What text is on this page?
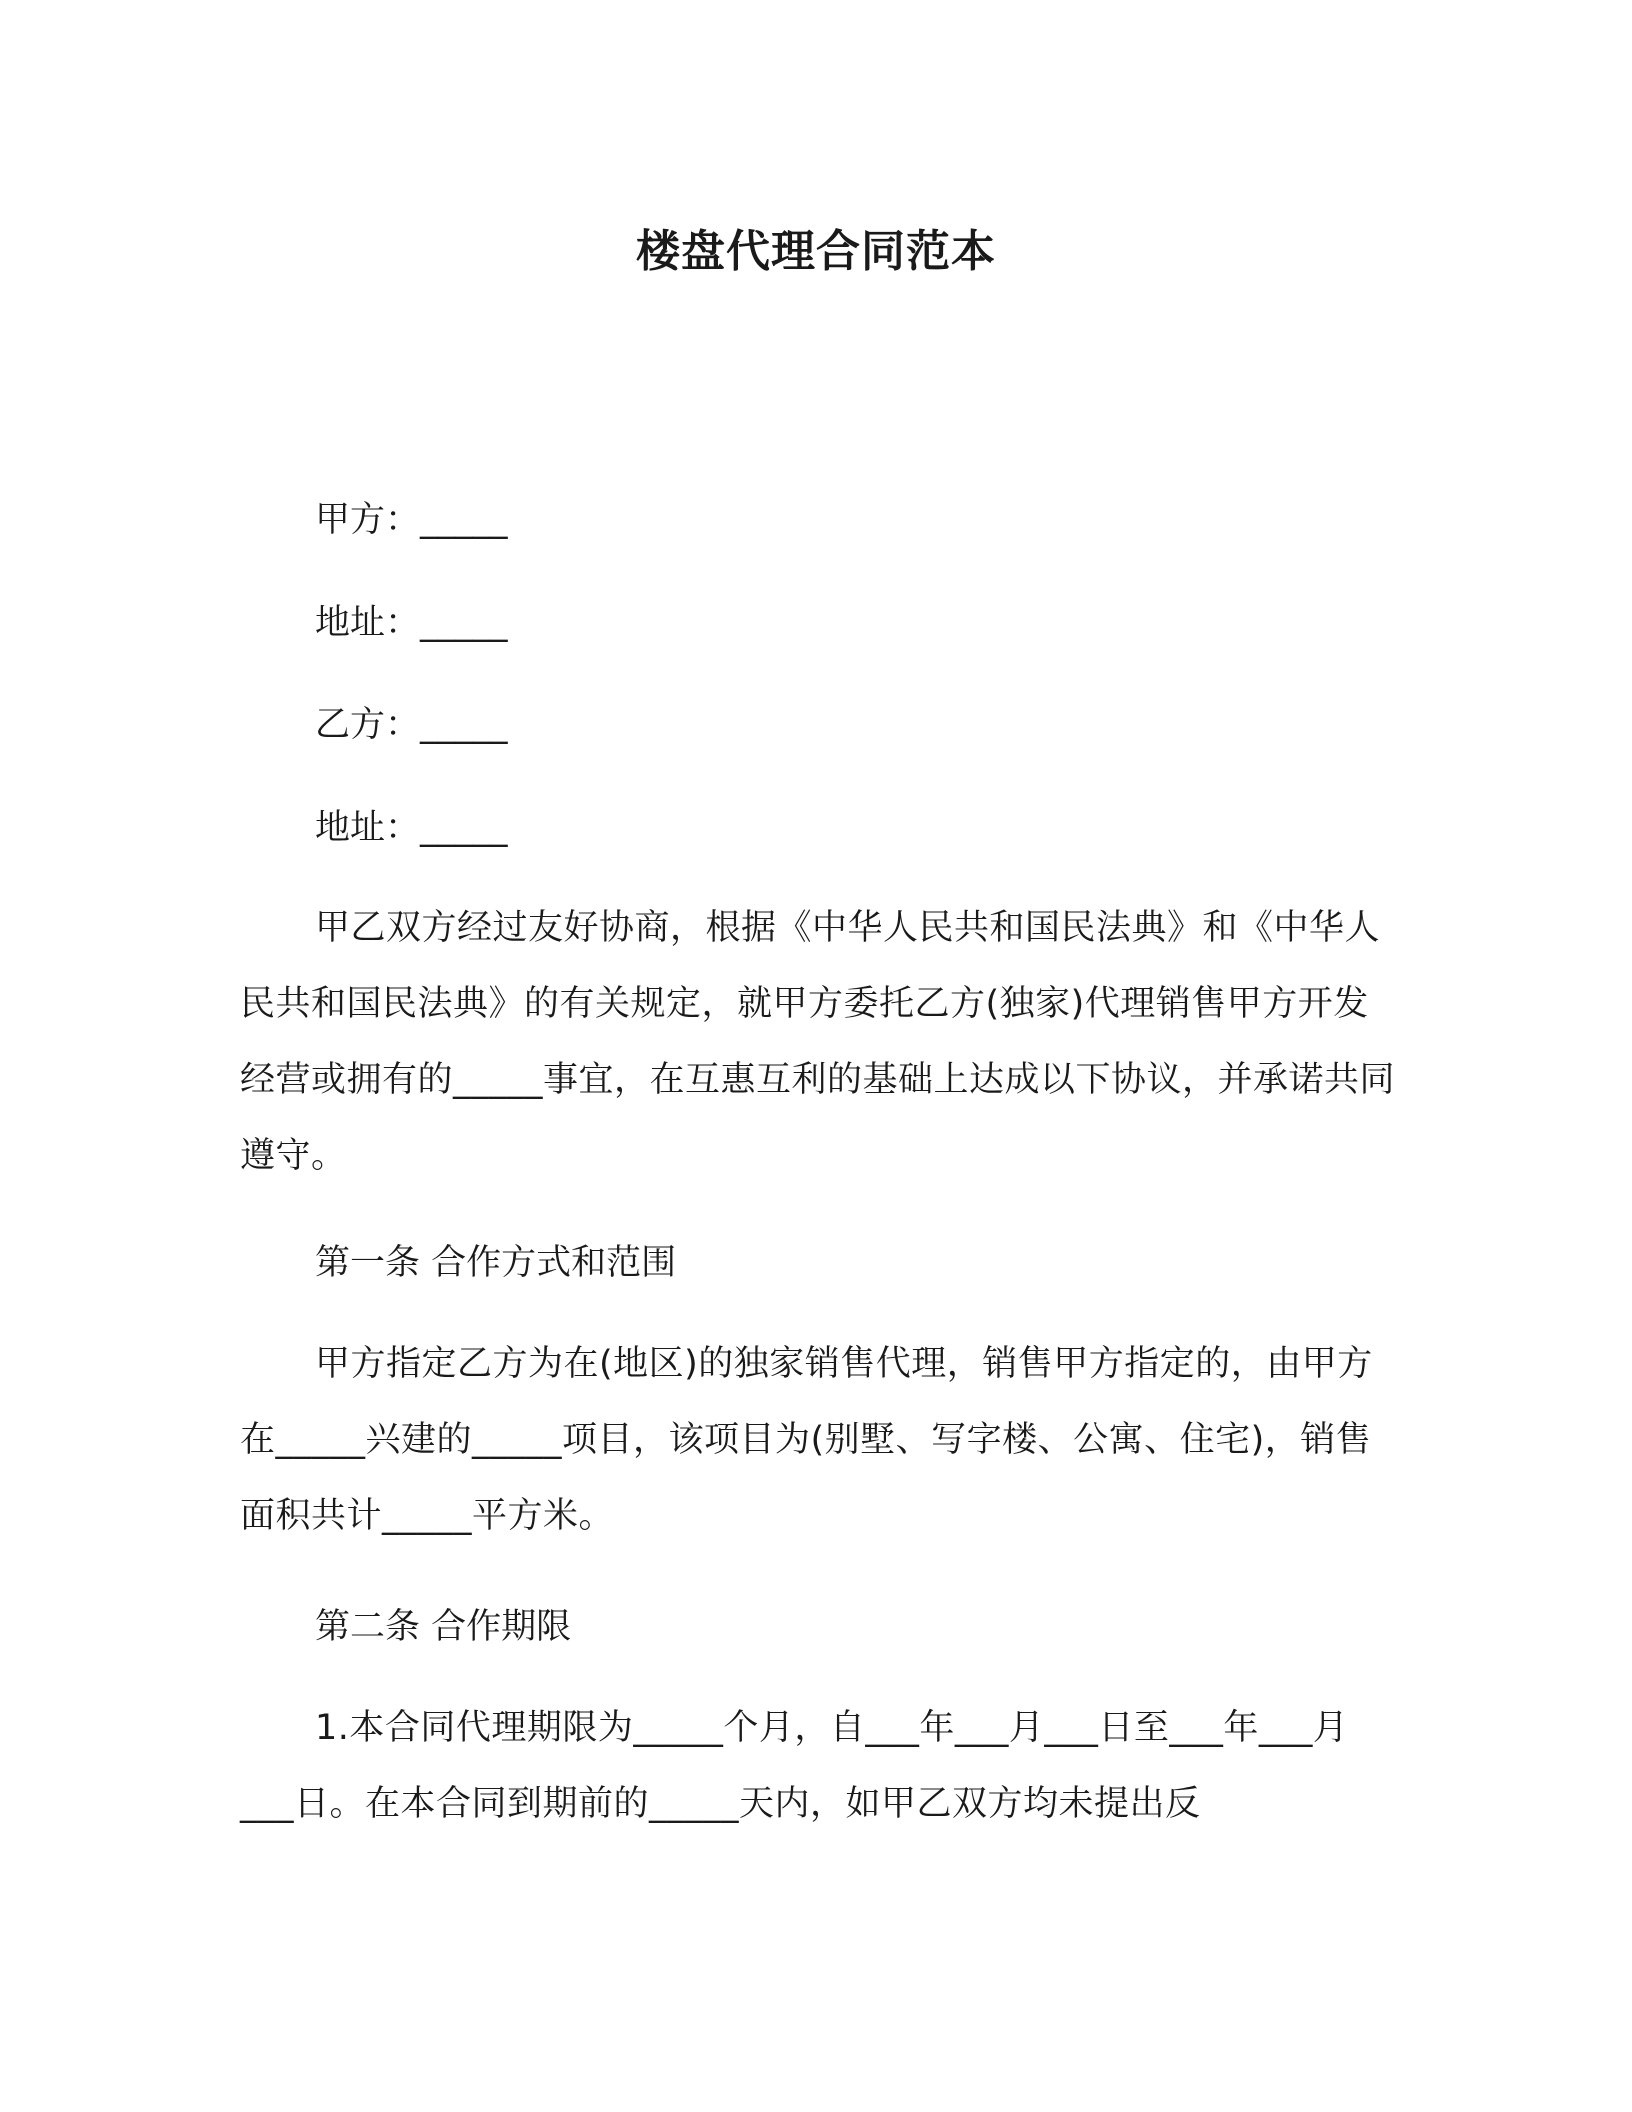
楼盘代理合同范本
甲方：_____
地址：_____
乙方：_____
地址：_____
甲乙双方经过友好协商，根据《中华人民共和国民法典》和《中华人民共和国民法典》的有关规定，就甲方委托乙方(独家)代理销售甲方开发经营或拥有的_____事宜，在互惠互利的基础上达成以下协议，并承诺共同遵守。
第一条 合作方式和范围
甲方指定乙方为在(地区)的独家销售代理，销售甲方指定的，由甲方在_____兴建的_____项目，该项目为(别墅、写字楼、公寓、住宅)，销售面积共计_____平方米。
第二条 合作期限
1.本合同代理期限为_____个月，自___年___月___日至___年___月___日。在本合同到期前的_____天内，如甲乙双方均未提出反
